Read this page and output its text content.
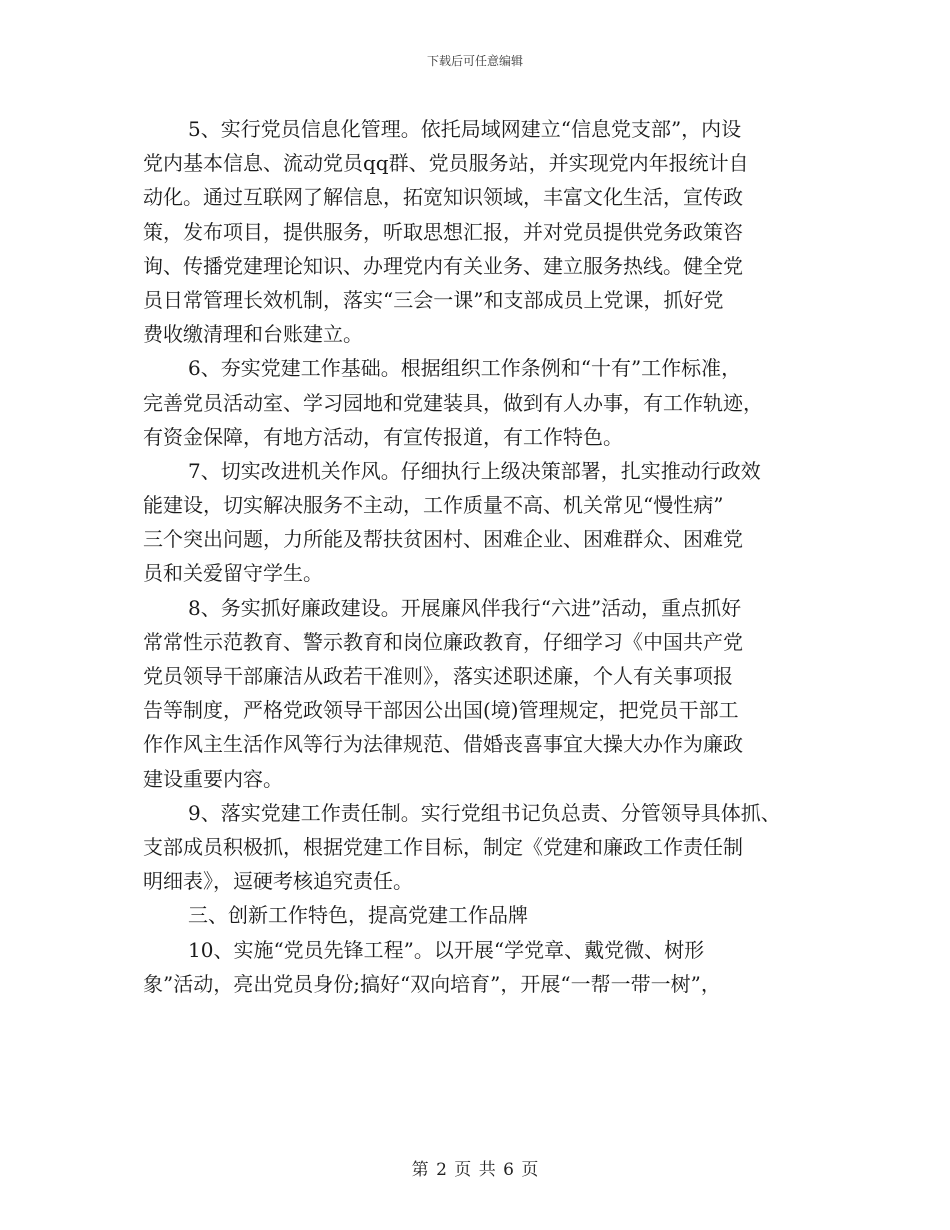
下载后可任意编辑
5、实行党员信息化管理。依托局域网建立“信息党支部”，内设
党内基本信息、流动党员qq群、党员服务站，并实现党内年报统计自
动化。通过互联网了解信息，拓宽知识领域，丰富文化生活，宣传政
策，发布项目，提供服务，听取思想汇报，并对党员提供党务政策咨
询、传播党建理论知识、办理党内有关业务、建立服务热线。健全党
员日常管理长效机制，落实“三会一课”和支部成员上党课，抓好党
费收缴清理和台账建立。
6、夯实党建工作基础。根据组织工作条例和“十有”工作标准，
完善党员活动室、学习园地和党建装具，做到有人办事，有工作轨迹，
有资金保障，有地方活动，有宣传报道，有工作特色。
7、切实改进机关作风。仔细执行上级决策部署，扎实推动行政效
能建设，切实解决服务不主动，工作质量不高、机关常见“慢性病”
三个突出问题，力所能及帮扶贫困村、困难企业、困难群众、困难党
员和关爱留守学生。
8、务实抓好廉政建设。开展廉风伴我行“六进”活动，重点抓好
常常性示范教育、警示教育和岗位廉政教育，仔细学习《中国共产党
党员领导干部廉洁从政若干准则》，落实述职述廉，个人有关事项报
告等制度，严格党政领导干部因公出国(境)管理规定，把党员干部工
作作风主生活作风等行为法律规范、借婚丧喜事宜大操大办作为廉政
建设重要内容。
9、落实党建工作责任制。实行党组书记负总责、分管领导具体抓、
支部成员积极抓，根据党建工作目标，制定《党建和廉政工作责任制
明细表》，逗硬考核追究责任。
三、创新工作特色，提高党建工作品牌
10、实施“党员先锋工程”。以开展“学党章、戴党微、树形
象”活动，亮出党员身份;搞好“双向培育”，开展“一帮一带一树”，
第 2 页 共 6 页
